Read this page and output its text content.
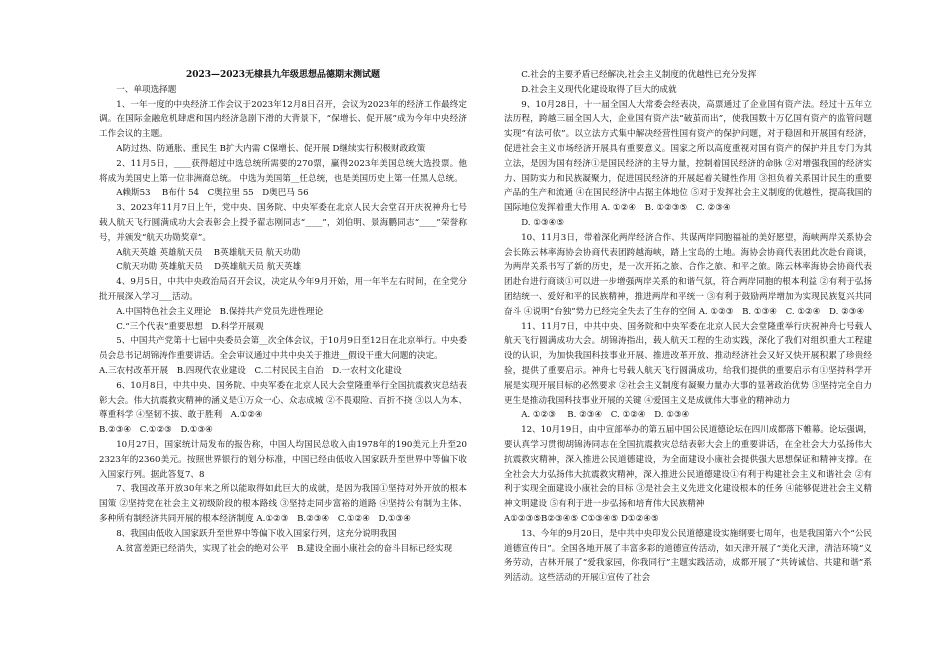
2023—2023无棣县九年级思想品德期末测试题

一、单项选择题

1、一年一度的中央经济工作会议于2023年12月8日召开，会议为2023年的经济工作最终定调。在国际金融危机肆虐和国内经济急剧下滑的大背景下，“保增长、促开展”成为今年中央经济工作会议的主题。

A防过热、防通胀、重民生 B扩大内需 C保增长、促开展 D继续实行积极财政政策

2、11月5日，____获得超过中选总统所需要的270票，赢得2023年美国总统大选投票。他将成为美国史上第一位非洲裔总统。 中选为美国第__任总统，也是美国历史上第一任黑人总统。

A赖斯53　 B布什 54　C奥拉里 55　D奥巴马 56

3、2023年11月7日上午，党中央、国务院、中央军委在北京人民大会堂召开庆祝神舟七号载人航天飞行圆满成功大会表彰会上授予翟志刚同志“____”，刘伯明、景海鹏同志“____”荣誉称号，并颁发“航天功勋奖章”。

A航天英雄 英雄航天员　 B英雄航天员 航天功勋

C航天功勋 英雄航天员　 D英雄航天员 航天英雄

4、9月5日，中共中央政治局召开会议，决定从今年9月开始，用一年半左右时间，在全党分批开展深入学习___活动。

A.中国特色社会主义理论　B.保持共产党员先进性理论

C.“三个代表”重要思想　D.科学开展观

5、中国共产党第十七届中央委员会第__次全体会议，于10月9日至12日在北京举行。中央委员会总书记胡锦涛作重要讲话。全会审议通过中共中央关于推进__假设干重大问题的决定。

A.三农村改革开展　B.四现代农业建设　C.二村民民主自治　D.一农村文化建设

6、10月8日，中共中央、国务院、中央军委在北京人民大会堂隆重举行全国抗震救灾总结表彰大会。伟大抗震救灾精神的涵义是①万众一心、众志成城 ②不畏艰险、百折不挠 ③以人为本、尊重科学 ④坚韧不拔、敢于胜利　A.①②④

B.②③④　C.①②③　D.①③④

10月27日，国家统计局发布的报告称，中国人均国民总收入由1978年的190美元上升至202323年的2360美元。按照世界银行的划分标准，中国已经由低收入国家跃升至世界中等偏下收入国家行列。据此答复7、8

7、我国改革开放30年来之所以能取得如此巨大的成就，是因为我国①坚持对外开放的根本国策 ②坚持党在社会主义初级阶段的根本路线 ③坚持走同步富裕的道路 ④坚持公有制为主体、多种所有制经济共同开展的根本经济制度 A.①②③　B.②③④　C.①②④　D.①③④

8、我国由低收入国家跃升至世界中等偏下收入国家行列，这充分说明我国

A.贫富差距已经消失，实现了社会的绝对公平　B.建设全面小康社会的奋斗目标已经实现

C.社会的主要矛盾已经解决,社会主义制度的优越性已充分发挥

D.社会主义现代化建设取得了巨大的成就

9、10月28日，十一届全国人大常委会经表决，高票通过了企业国有资产法。经过十五年立法历程，跨越三届全国人大，企业国有资产法“破茧而出”，使我国数十万亿国有资产的监管问题实现“有法可依”。以立法方式集中解决经营性国有资产的保护问题，对于稳固和开展国有经济，促进社会主义市场经济开展具有重要意义。国家之所以高度重视对国有资产的保护并且专门为其立法，是因为国有经济①是国民经济的主导力量，控制着国民经济的命脉 ②对增强我国的经济实力、国防实力和民族凝聚力，促进国民经济的开展起着关键性作用 ③担负着关系国计民生的重要产品的生产和流通 ④在国民经济中占据主体地位 ⑤对于发挥社会主义制度的优越性，提高我国的国际地位发挥着重大作用 A. ①②④　B. ①②③⑤　C. ②③④

D. ①③④⑤

10、11月3日，带着深化两岸经济合作、共谋两岸同胞福祉的美好愿望，海峡两岸关系协会会长陈云林率海协会协商代表团跨越海峡，踏上宝岛的土地。海协会协商代表团此次赴台商谈，为两岸关系书写了新的历史，是一次开拓之旅、合作之旅、和平之旅。陈云林率海协会协商代表团赴台进行商谈①可以进一步增强两岸关系的和谐气氛，符合两岸同胞的根本利益 ②有利于弘扬团结统一、爱好和平的民族精神，推进两岸和平统一 ③有利于鼓励两岸增加为实现民族复兴共同奋斗 ④说明“台独”势力已经完全失去了生存的空间 A. ①②③　B. ①③④　C. ①②④　D. ②③④

11、11月7日，中共中央、国务院和中央军委在北京人民大会堂隆重举行庆祝神舟七号载人航天飞行圆满成功大会。胡锦涛指出，载人航天工程的生动实践，深化了我们对组织重大工程建设的认识，为加快我国科技事业开展、推进改革开放、推动经济社会又好又快开展积累了珍贵经验，提供了重要启示。神舟七号载人航天飞行圆满成功，给我们提供的重要启示有①坚持科学开展是实现开展目标的必然要求 ②社会主义制度有凝聚力量办大事的显著政治优势 ③坚持完全自力更生是推动我国科技事业开展的关键 ④爱国主义是成就伟大事业的精神动力

A. ①②③　 B. ②③④　C. ①②④　D. ①③④

12、10月19日，由中宣部举办的第五届中国公民道德论坛在四川成都落下帷幕。论坛强调，要认真学习贯彻胡锦涛同志在全国抗震救灾总结表彰大会上的重要讲话，在全社会大力弘扬伟大抗震救灾精神，深入推进公民道德建设，为全面建设小康社会提供强大思想保证和精神支撑。在全社会大力弘扬伟大抗震救灾精神，深入推进公民道德建设①有利于构建社会主义和谐社会 ②有利于实现全面建设小康社会的目标 ③是社会主义先进文化建设根本的任务 ④能够促进社会主义精神文明建设 ⑤有利于进一步弘扬和培育伟大民族精神

A①②③⑤B②③④⑤ C①③④⑤ D①②④⑤

13、今年的9月20日，是中共中央印发公民道德建设实施纲要七周年，也是我国第六个“公民道德宣传日”。全国各地开展了丰富多彩的道德宣传活动，如天津开展了“美化天津，清洁环境”义务劳动，吉林开展了“爱我家园，你我同行”主题实践活动，成都开展了“共铸诚信、共建和谐”系列活动。这些活动的开展①宣传了社会
